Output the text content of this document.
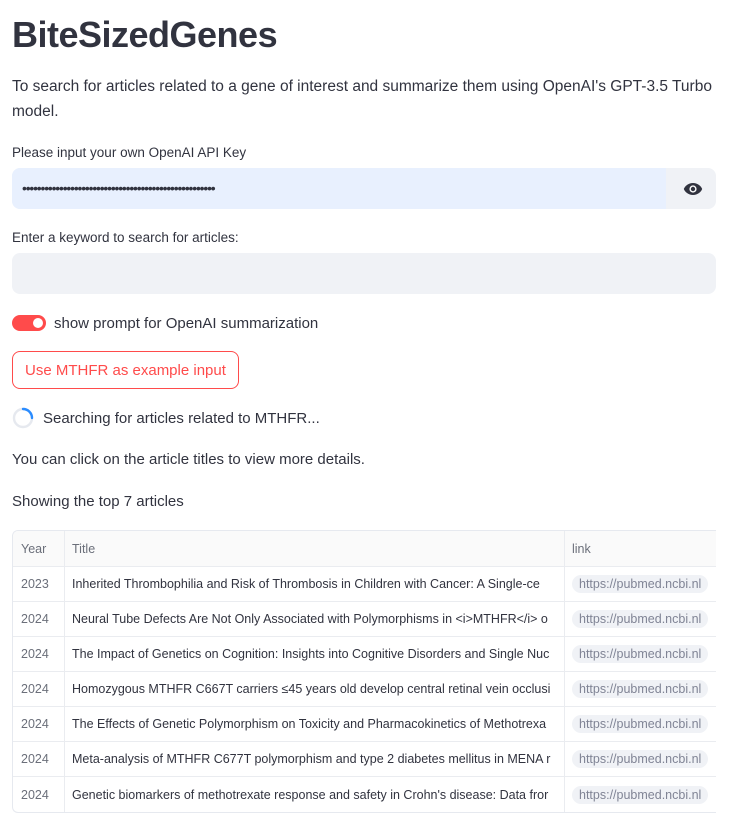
BiteSizedGenes
To search for articles related to a gene of interest and summarize them using OpenAI's GPT-3.5 Turbo model.
Please input your own OpenAI API Key
••••••••••••••••••••••••••••••••••••••••••••••••••••
Enter a keyword to search for articles:
show prompt for OpenAI summarization
Use MTHFR as example input
Searching for articles related to MTHFR...
You can click on the article titles to view more details.
Showing the top 7 articles
Year	Title	link
2023	Inherited Thrombophilia and Risk of Thrombosis in Children with Cancer: A Single-ce	https://pubmed.ncbi.nl
2024	Neural Tube Defects Are Not Only Associated with Polymorphisms in <i>MTHFR</i> o	https://pubmed.ncbi.nl
2024	The Impact of Genetics on Cognition: Insights into Cognitive Disorders and Single Nuc	https://pubmed.ncbi.nl
2024	Homozygous MTHFR C667T carriers ≤45 years old develop central retinal vein occlusi	https://pubmed.ncbi.nl
2024	The Effects of Genetic Polymorphism on Toxicity and Pharmacokinetics of Methotrexa	https://pubmed.ncbi.nl
2024	Meta-analysis of MTHFR C677T polymorphism and type 2 diabetes mellitus in MENA r	https://pubmed.ncbi.nl
2024	Genetic biomarkers of methotrexate response and safety in Crohn's disease: Data fror	https://pubmed.ncbi.nl
